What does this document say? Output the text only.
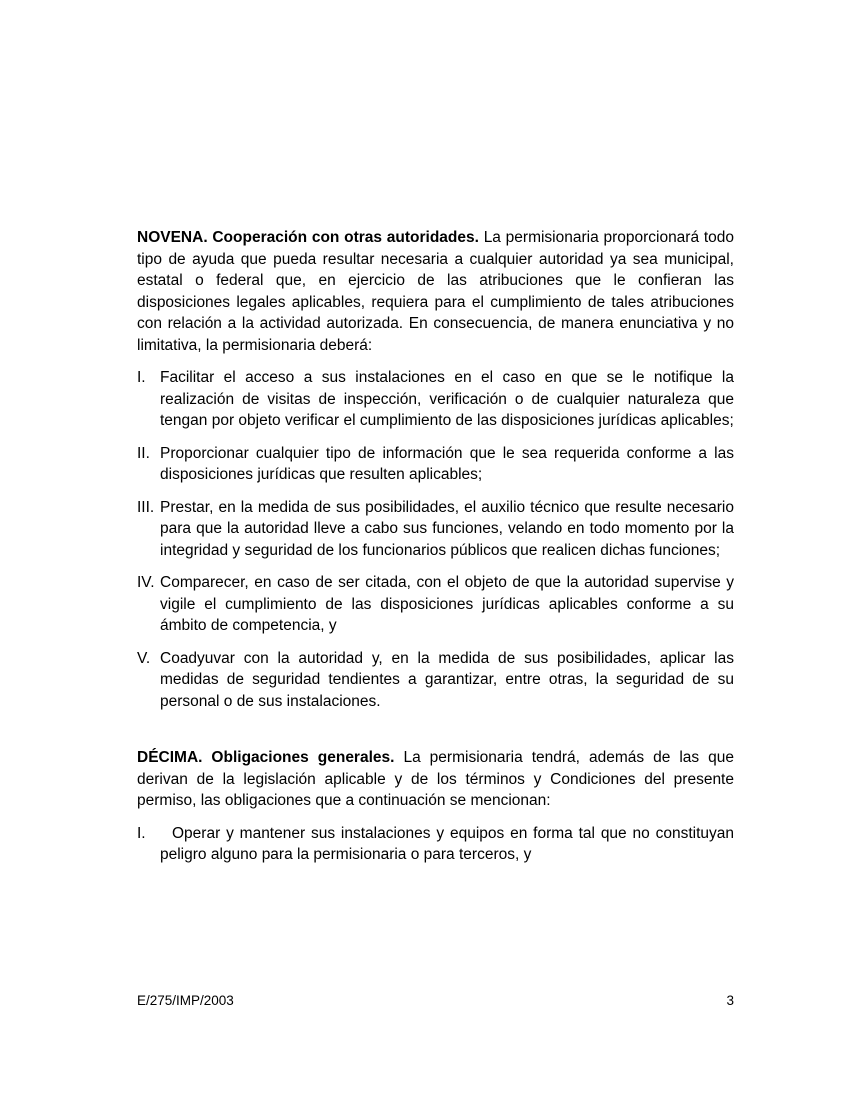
NOVENA. Cooperación con otras autoridades. La permisionaria proporcionará todo tipo de ayuda que pueda resultar necesaria a cualquier autoridad ya sea municipal, estatal o federal que, en ejercicio de las atribuciones que le confieran las disposiciones legales aplicables, requiera para el cumplimiento de tales atribuciones con relación a la actividad autorizada. En consecuencia, de manera enunciativa y no limitativa, la permisionaria deberá:

I. Facilitar el acceso a sus instalaciones en el caso en que se le notifique la realización de visitas de inspección, verificación o de cualquier naturaleza que tengan por objeto verificar el cumplimiento de las disposiciones jurídicas aplicables;
II. Proporcionar cualquier tipo de información que le sea requerida conforme a las disposiciones jurídicas que resulten aplicables;
III. Prestar, en la medida de sus posibilidades, el auxilio técnico que resulte necesario para que la autoridad lleve a cabo sus funciones, velando en todo momento por la integridad y seguridad de los funcionarios públicos que realicen dichas funciones;
IV. Comparecer, en caso de ser citada, con el objeto de que la autoridad supervise y vigile el cumplimiento de las disposiciones jurídicas aplicables conforme a su ámbito de competencia, y
V. Coadyuvar con la autoridad y, en la medida de sus posibilidades, aplicar las medidas de seguridad tendientes a garantizar, entre otras, la seguridad de su personal o de sus instalaciones.

DÉCIMA. Obligaciones generales. La permisionaria tendrá, además de las que derivan de la legislación aplicable y de los términos y Condiciones del presente permiso, las obligaciones que a continuación se mencionan:

I.	Operar y mantener sus instalaciones y equipos en forma tal que no constituyan peligro alguno para la permisionaria o para terceros, y
E/275/IMP/2003	3
